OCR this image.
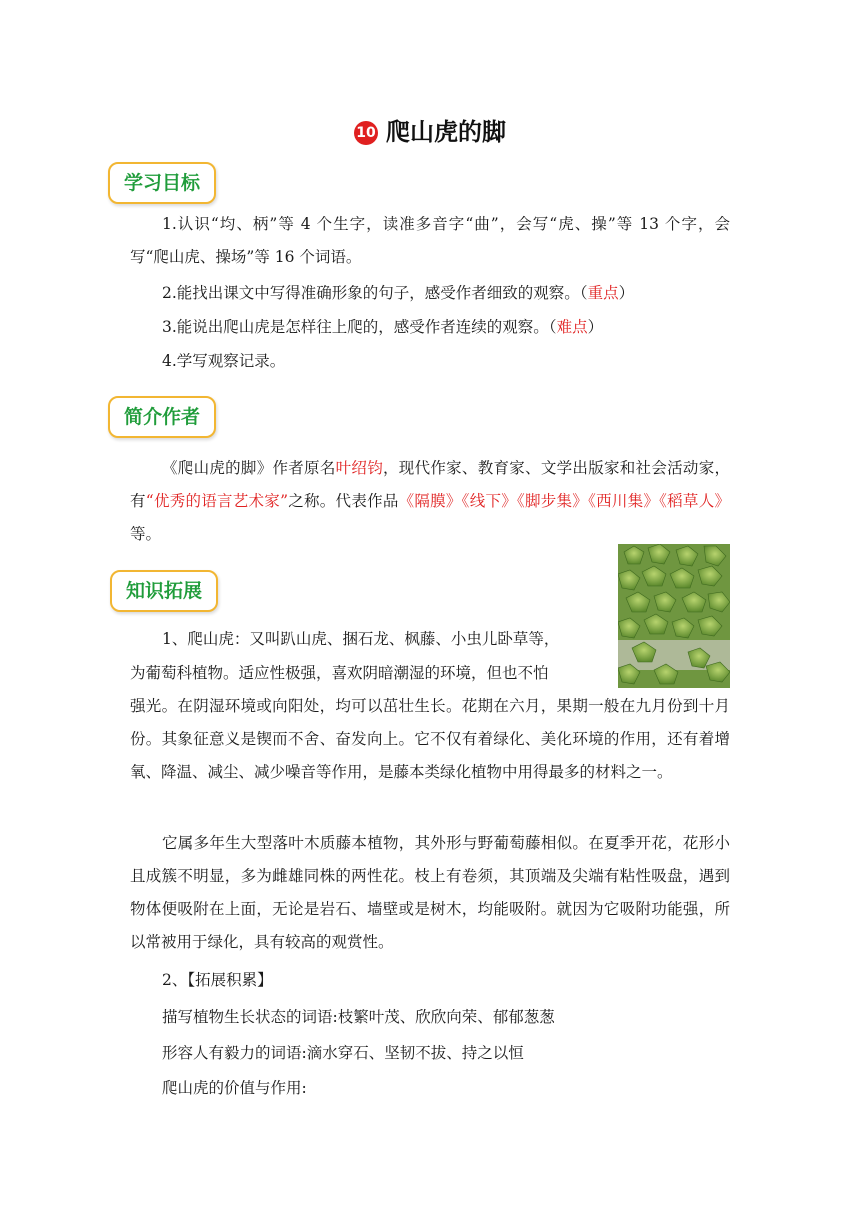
10 爬山虎的脚
学习目标

1.认识“均、柄”等 4 个生字，读准多音字“曲”，会写“虎、操”等 13 个字，会写“爬山虎、操场”等 16 个词语。

2.能找出课文中写得准确形象的句子，感受作者细致的观察。（重点）
3.能说出爬山虎是怎样往上爬的，感受作者连续的观察。（难点）
4.学写观察记录。
简介作者

《爬山虎的脚》作者原名叶绍钧，现代作家、教育家、文学出版家和社会活动家，有“优秀的语言艺术家”之称。代表作品《隔膜》《线下》《脚步集》《西川集》《稻草人》等。

知识拓展
1、爬山虎：又叫趴山虎、捆石龙、枫藤、小虫儿卧草等，
为葡萄科植物。适应性极强，喜欢阴暗潮湿的环境，但也不怕

强光。在阴湿环境或向阳处，均可以茁壮生长。花期在六月，果期一般在九月份到十月份。其象征意义是锲而不舍、奋发向上。它不仅有着绿化、美化环境的作用，还有着增氧、降温、减尘、减少噪音等作用，是藤本类绿化植物中用得最多的材料之一。

它属多年生大型落叶木质藤本植物，其外形与野葡萄藤相似。在夏季开花，花形小且成簇不明显，多为雌雄同株的两性花。枝上有卷须，其顶端及尖端有粘性吸盘，遇到物体便吸附在上面，无论是岩石、墙壁或是树木，均能吸附。就因为它吸附功能强，所以常被用于绿化，具有较高的观赏性。

2、【拓展积累】
描写植物生长状态的词语:枝繁叶茂、欣欣向荣、郁郁葱葱
形容人有毅力的词语:滴水穿石、坚韧不拔、持之以恒
爬山虎的价值与作用:
